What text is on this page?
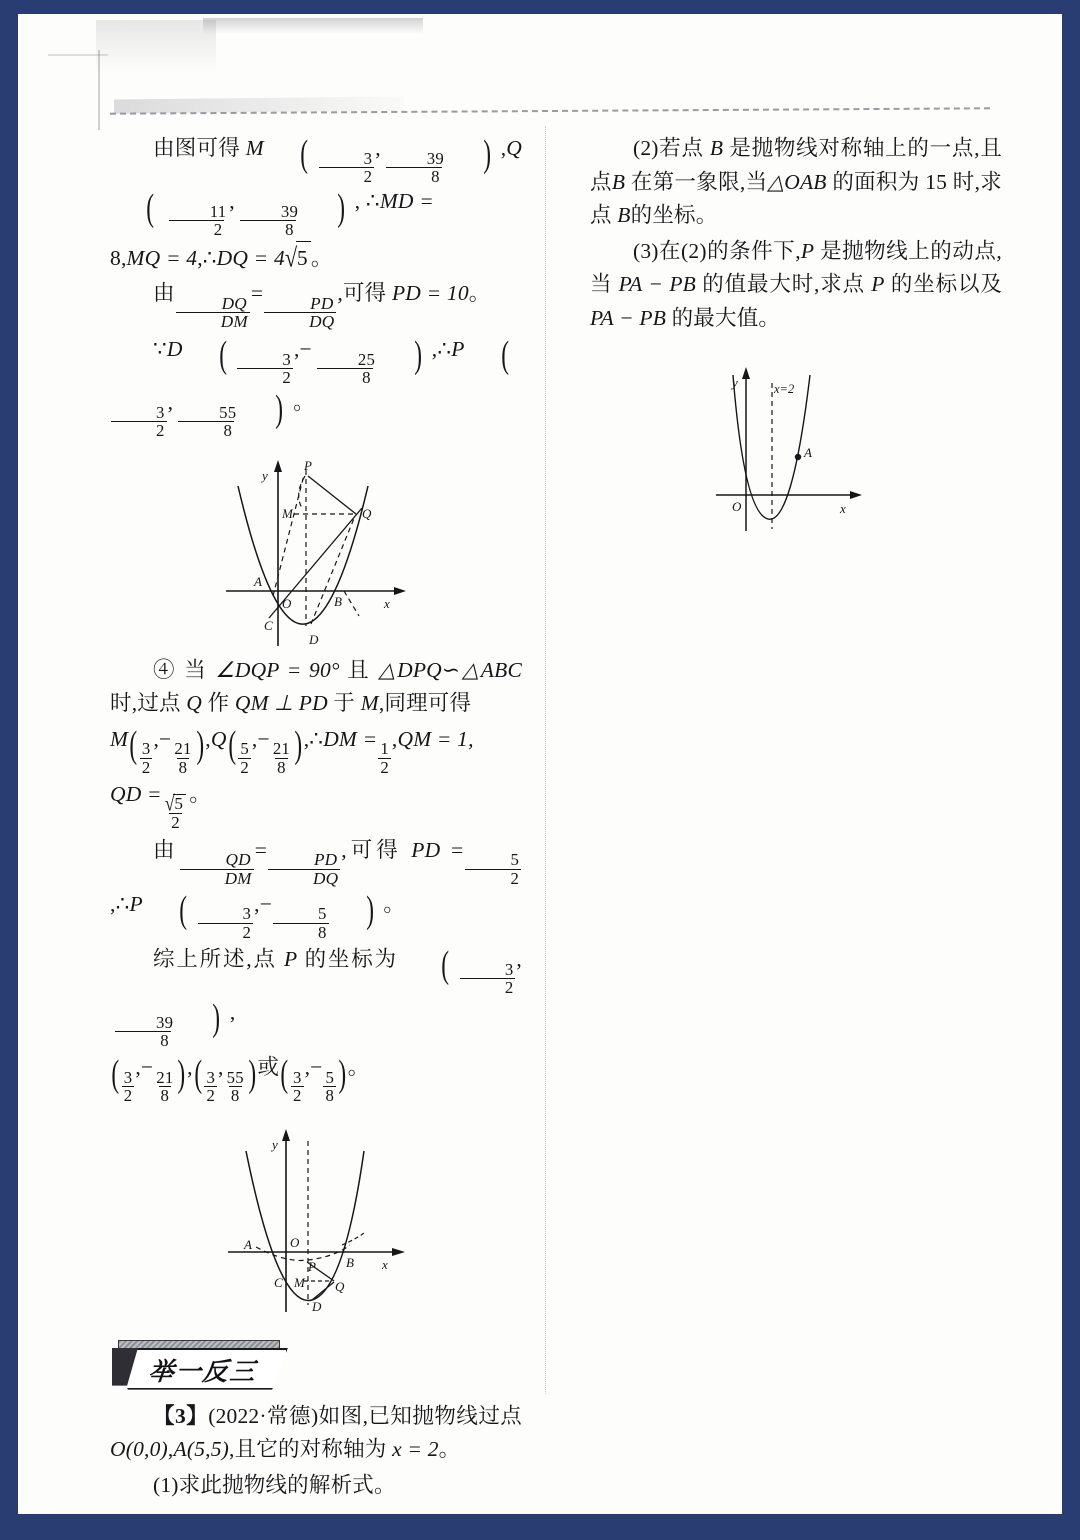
由图可得 M ( $\frac{3}{2}$
,
$\frac{39}{8}$ ) $,Q( \frac{11}{2}$
,
$\frac{39}{8}$ ) , ∴MD =

8,MQ = 4,∴DQ = 4√5 。

由
$\frac{DQ}{DM}$
=
$\frac{PD}{DQ}$
,可得 PD = 10。

∵D ( $\frac{3}{2}$
,−
$\frac{25}{8}$ ) ,∴P (
$\frac{3}{2}$
,
$\frac{55}{8}$ ) 。

P
M	Q
A
B
C
D
O	x
y

④ 当 ∠DQP = 90° 且 △DPQ∽△ABC 时,过点 Q 作 QM ⊥ PD 于 M,同理可得

$M( \frac{3}{2}$
,−
$\frac{21}{8} ),Q( \frac{5}{2}$
,−
$\frac{21}{8}$ ),∴DM =
$\frac{1}{2}$
,QM = 1,

QD =
$\frac{√5}{2}$
。

由
$\frac{QD}{DM}$
=
$\frac{PD}{DQ}$
,可得 PD =
$\frac{5}{2}$
,∴P ( $\frac{3}{2}$
,−
$\frac{5}{8}$ ) 。

综上所述,点 P 的坐标为 ( $\frac{3}{2}$
,
$\frac{39}{8}$ ) ,

( $\frac{3}{2}$
,−
$\frac{21}{8}$ ),( $\frac{3}{2}$
,
$\frac{55}{8}$ )或( $\frac{3}{2}$
,−
$\frac{5}{8}$ )。

A
B
C
D
M
P
Q
O
x
y
举一反三

【3】(2022·常德)如图,已知抛物线过点 O(0,0),A(5,5),且它的对称轴为 x = 2。

(1)求此抛物线的解析式。

(2)若点 B 是抛物线对称轴上的一点,且点B 在第一象限,当△OAB 的面积为 15 时,求点 B的坐标。

(3)在(2)的条件下,P 是抛物线上的动点,当 PA − PB 的值最大时,求点 P 的坐标以及PA − PB 的最大值。

y
x
O
x=2
A
